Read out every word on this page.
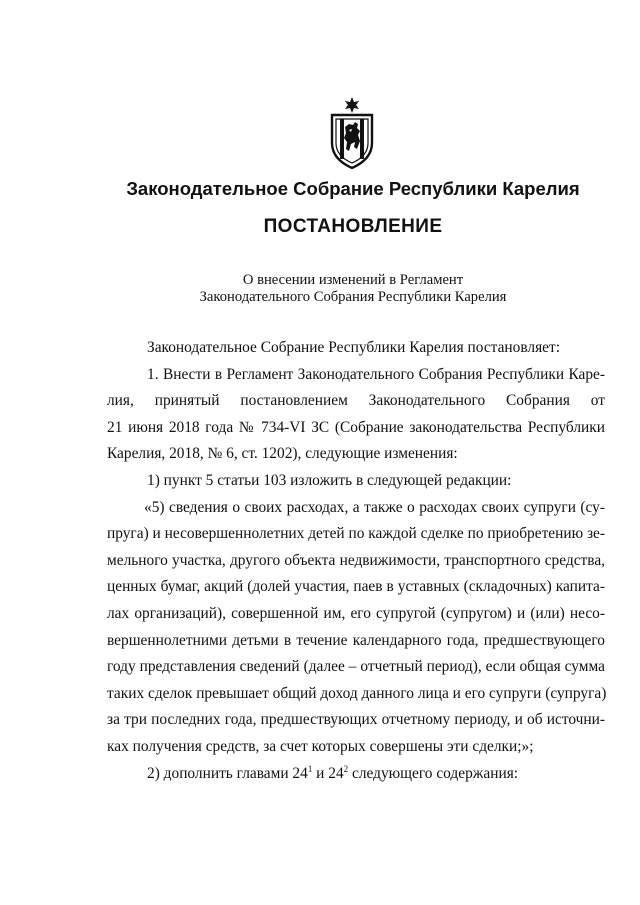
Законодательное Собрание Республики Карелия
ПОСТАНОВЛЕНИЕ
О внесении изменений в Регламент
Законодательного Собрания Республики Карелия
Законодательное Собрание Республики Карелия постановляет:
1. Внести в Регламент Законодательного Собрания Республики Каре-
лия, принятый постановлением Законодательного Собрания от
21 июня 2018 года № 734-VI ЗС (Собрание законодательства Республики
Карелия, 2018, № 6, ст. 1202), следующие изменения:
1) пункт 5 статьи 103 изложить в следующей редакции:
«5) сведения о своих расходах, а также о расходах своих супруги (су-
пруга) и несовершеннолетних детей по каждой сделке по приобретению зе-
мельного участка, другого объекта недвижимости, транспортного средства,
ценных бумаг, акций (долей участия, паев в уставных (складочных) капита-
лах организаций), совершенной им, его супругой (супругом) и (или) несо-
вершеннолетними детьми в течение календарного года, предшествующего
году представления сведений (далее – отчетный период), если общая сумма
таких сделок превышает общий доход данного лица и его супруги (супруга)
за три последних года, предшествующих отчетному периоду, и об источни-
ках получения средств, за счет которых совершены эти сделки;»;
2) дополнить главами $24^1$ и $24^2$ следующего содержания:
